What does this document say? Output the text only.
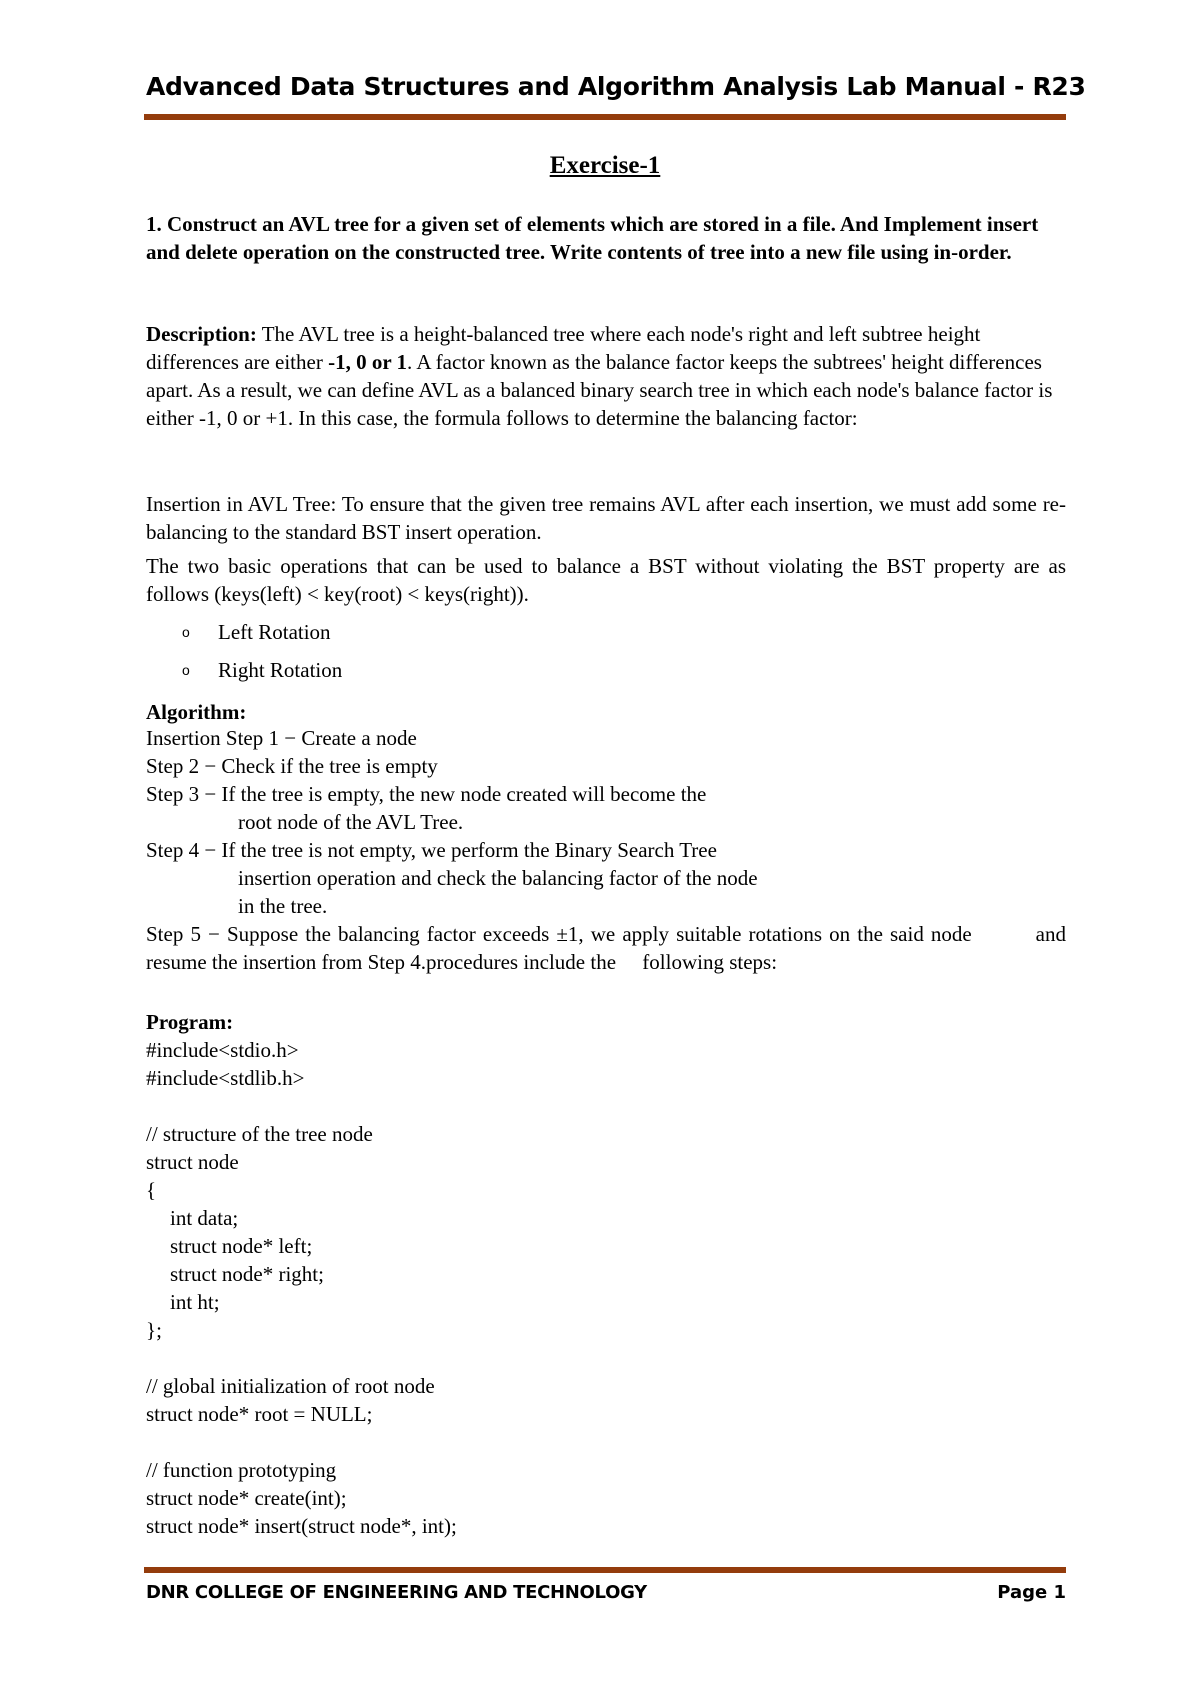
Advanced Data Structures and Algorithm Analysis Lab Manual - R23
Exercise-1
1. Construct an AVL tree for a given set of elements which are stored in a file. And Implement insert and delete operation on the constructed tree. Write contents of tree into a new file using in-order.
Description: The AVL tree is a height-balanced tree where each node's right and left subtree height differences are either -1, 0 or 1. A factor known as the balance factor keeps the subtrees' height differences apart. As a result, we can define AVL as a balanced binary search tree in which each node's balance factor is either -1, 0 or +1. In this case, the formula follows to determine the balancing factor:
Insertion in AVL Tree: To ensure that the given tree remains AVL after each insertion, we must add some re-balancing to the standard BST insert operation.
The two basic operations that can be used to balance a BST without violating the BST property are as follows (keys(left) < key(root) < keys(right)).
o	Left Rotation
o	Right Rotation
Algorithm:
Insertion Step 1 − Create a node
Step 2 − Check if the tree is empty
Step 3 − If the tree is empty, the new node created will become the
root node of the AVL Tree.
Step 4 − If the tree is not empty, we perform the Binary Search Tree
insertion operation and check the balancing factor of the node
in the tree.
Step 5 − Suppose the balancing factor exceeds ±1, we apply suitable rotations on the said node         and resume the insertion from Step 4.procedures include the     following steps:
Program:
#include<stdio.h>
#include<stdlib.h>
// structure of the tree node
struct node
{
int data;
struct node* left;
struct node* right;
int ht;
};
// global initialization of root node
struct node* root = NULL;
// function prototyping
struct node* create(int);
struct node* insert(struct node*, int);
DNR COLLEGE OF ENGINEERING AND TECHNOLOGY	Page 1
